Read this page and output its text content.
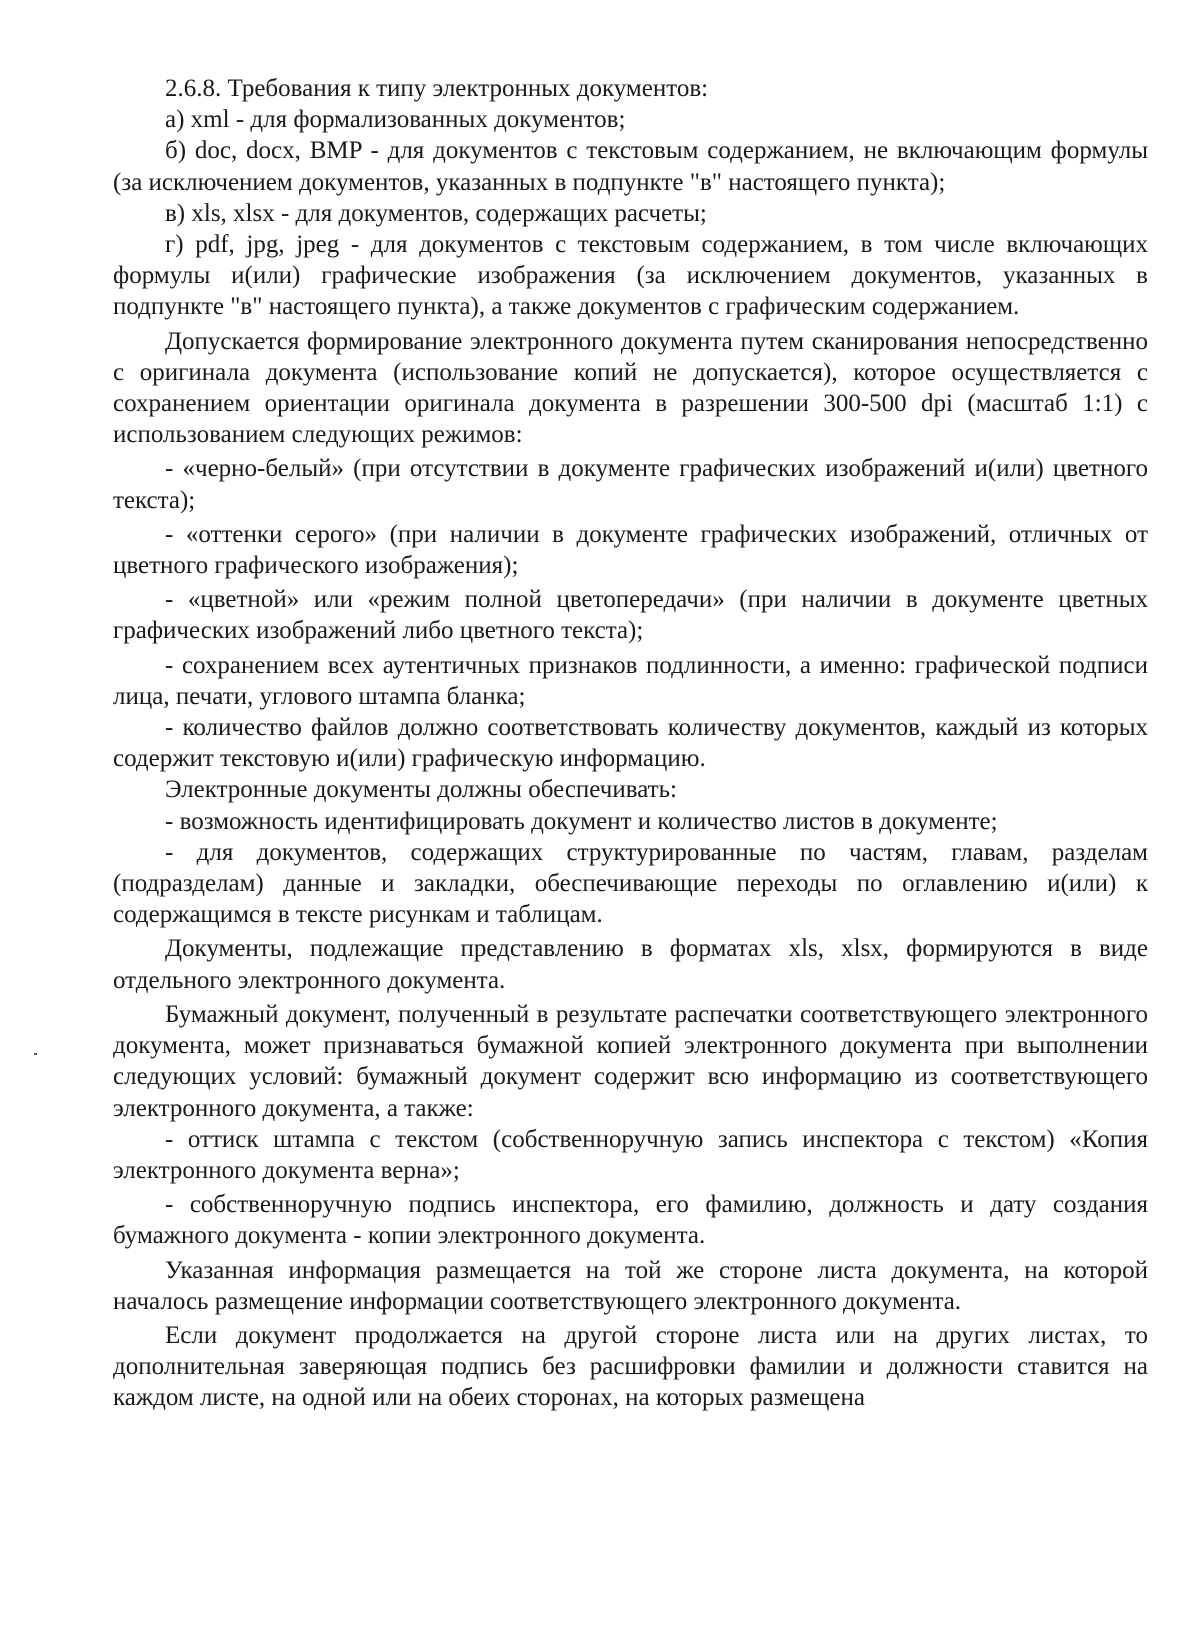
2.6.8. Требования к типу электронных документов:

а) xml - для формализованных документов;

б) doc, docx, BMP - для документов с текстовым содержанием, не включающим формулы (за исключением документов, указанных в подпункте "в" настоящего пункта);

в) xls, xlsx - для документов, содержащих расчеты;

г) pdf, jpg, jpeg - для документов с текстовым содержанием, в том числе включающих формулы и(или) графические изображения (за исключением документов, указанных в подпункте "в" настоящего пункта), а также документов с графическим содержанием.

Допускается формирование электронного документа путем сканирования непосредственно с оригинала документа (использование копий не допускается), которое осуществляется с сохранением ориентации оригинала документа в разрешении 300-500 dpi (масштаб 1:1) с использованием следующих режимов:

- «черно-белый» (при отсутствии в документе графических изображений и(или) цветного текста);

- «оттенки серого» (при наличии в документе графических изображений, отличных от цветного графического изображения);

- «цветной» или «режим полной цветопередачи» (при наличии в документе цветных графических изображений либо цветного текста);

- сохранением всех аутентичных признаков подлинности, а именно: графической подписи лица, печати, углового штампа бланка;

- количество файлов должно соответствовать количеству документов, каждый из которых содержит текстовую и(или) графическую информацию.

Электронные документы должны обеспечивать:

- возможность идентифицировать документ и количество листов в документе;

- для документов, содержащих структурированные по частям, главам, разделам (подразделам) данные и закладки, обеспечивающие переходы по оглавлению и(или) к содержащимся в тексте рисункам и таблицам.

Документы, подлежащие представлению в форматах xls, xlsx, формируются в виде отдельного электронного документа.

Бумажный документ, полученный в результате распечатки соответствующего электронного документа, может признаваться бумажной копией электронного документа при выполнении следующих условий: бумажный документ содержит всю информацию из соответствующего электронного документа, а также:

- оттиск штампа с текстом (собственноручную запись инспектора с текстом) «Копия электронного документа верна»;

- собственноручную подпись инспектора, его фамилию, должность и дату создания бумажного документа - копии электронного документа.

Указанная информация размещается на той же стороне листа документа, на которой началось размещение информации соответствующего электронного документа.

Если документ продолжается на другой стороне листа или на других листах, то дополнительная заверяющая подпись без расшифровки фамилии и должности ставится на каждом листе, на одной или на обеих сторонах, на которых размещена
